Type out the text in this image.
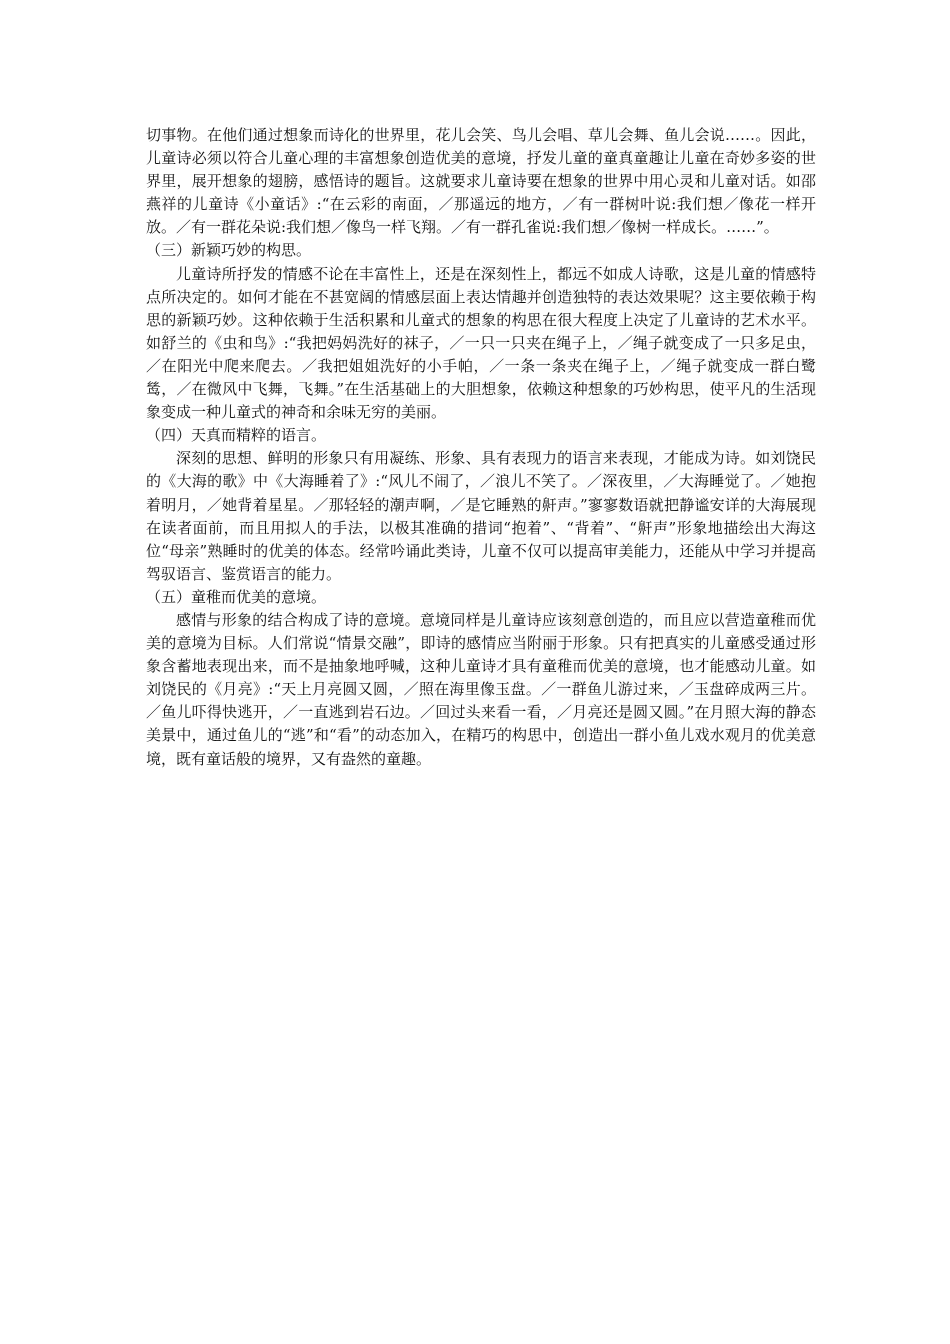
切事物。在他们通过想象而诗化的世界里，花儿会笑、鸟儿会唱、草儿会舞、鱼儿会说……。因此，儿童诗必须以符合儿童心理的丰富想象创造优美的意境，抒发儿童的童真童趣让儿童在奇妙多姿的世界里，展开想象的翅膀，感悟诗的题旨。这就要求儿童诗要在想象的世界中用心灵和儿童对话。如邵燕祥的儿童诗《小童话》:“在云彩的南面，／那遥远的地方，／有一群树叶说:我们想／像花一样开放。／有一群花朵说:我们想／像鸟一样飞翔。／有一群孔雀说:我们想／像树一样成长。……”。

（三）新颖巧妙的构思。

儿童诗所抒发的情感不论在丰富性上，还是在深刻性上，都远不如成人诗歌，这是儿童的情感特点所决定的。如何才能在不甚宽阔的情感层面上表达情趣并创造独特的表达效果呢？这主要依赖于构思的新颖巧妙。这种依赖于生活积累和儿童式的想象的构思在很大程度上决定了儿童诗的艺术水平。如舒兰的《虫和鸟》:“我把妈妈洗好的袜子，／一只一只夹在绳子上，／绳子就变成了一只多足虫，／在阳光中爬来爬去。／我把姐姐洗好的小手帕，／一条一条夹在绳子上，／绳子就变成一群白鹭鸶，／在微风中飞舞，飞舞。”在生活基础上的大胆想象，依赖这种想象的巧妙构思，使平凡的生活现象变成一种儿童式的神奇和余味无穷的美丽。

（四）天真而精粹的语言。

深刻的思想、鲜明的形象只有用凝练、形象、具有表现力的语言来表现，才能成为诗。如刘饶民的《大海的歌》中《大海睡着了》:“风儿不闹了，／浪儿不笑了。／深夜里，／大海睡觉了。／她抱着明月，／她背着星星。／那轻轻的潮声啊，／是它睡熟的鼾声。”寥寥数语就把静谧安详的大海展现在读者面前，而且用拟人的手法，以极其准确的措词“抱着”、“背着”、“鼾声”形象地描绘出大海这位“母亲”熟睡时的优美的体态。经常吟诵此类诗，儿童不仅可以提高审美能力，还能从中学习并提高驾驭语言、鉴赏语言的能力。

（五）童稚而优美的意境。

感情与形象的结合构成了诗的意境。意境同样是儿童诗应该刻意创造的，而且应以营造童稚而优美的意境为目标。人们常说“情景交融”，即诗的感情应当附丽于形象。只有把真实的儿童感受通过形象含蓄地表现出来，而不是抽象地呼喊，这种儿童诗才具有童稚而优美的意境，也才能感动儿童。如刘饶民的《月亮》:“天上月亮圆又圆，／照在海里像玉盘。／一群鱼儿游过来，／玉盘碎成两三片。／鱼儿吓得快逃开，／一直逃到岩石边。／回过头来看一看，／月亮还是圆又圆。”在月照大海的静态美景中，通过鱼儿的“逃”和“看”的动态加入，在精巧的构思中，创造出一群小鱼儿戏水观月的优美意境，既有童话般的境界，又有盎然的童趣。
